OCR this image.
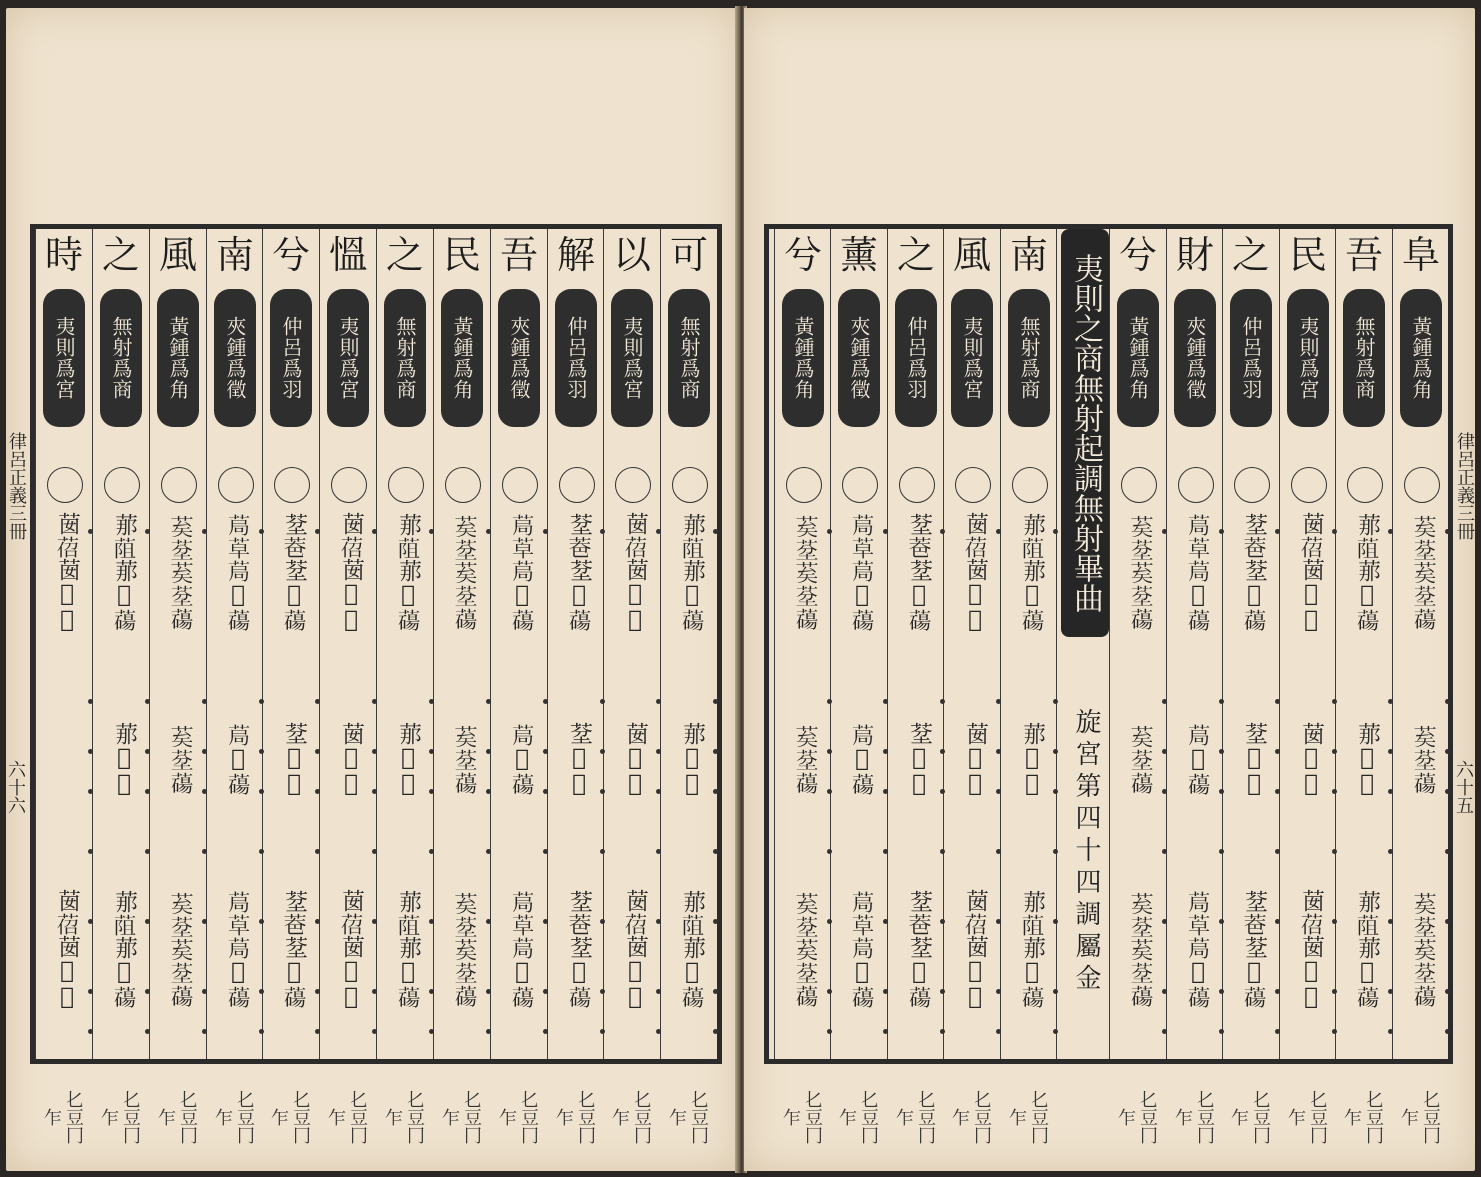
律呂正義三冊
六十六
律呂正義三冊
六十五
可
無射爲商
𦰡𦯓𦰡𦱈𦿆
𦰡𦱈𦿆
𦰡𦯓𦰡𦱈𦿆
𠤎豆冂乍
以
夷則爲宮
𦮗𦯐𦮗𦬒𦿰
𦮗𦬒𦿰
𦮗𦯐𦮗𦬒𦿰
𠤎豆冂乍
解
仲呂爲羽
𦯀𦮹𦯀𦱈𦿆
𦯀𦱈𦿆
𦯀𦮹𦯀𦱈𦿆
𠤎豆冂乍
吾
夾鍾爲徵
𦯃𦯑𦯃𦱈𦿆
𦯃𦱈𦿆
𦯃𦯑𦯃𦱈𦿆
𠤎豆冂乍
民
黃鍾爲角
𦮸𦯀𦮸𦯀𦿆
𦮸𦯀𦿆
𦮸𦯀𦮸𦯀𦿆
𠤎豆冂乍
之
無射爲商
𦰡𦯓𦰡𦱈𦿆
𦰡𦱈𦿆
𦰡𦯓𦰡𦱈𦿆
𠤎豆冂乍
慍
夷則爲宮
𦮗𦯐𦮗𦬒𦿰
𦮗𦬒𦿰
𦮗𦯐𦮗𦬒𦿰
𠤎豆冂乍
兮
仲呂爲羽
𦯀𦮹𦯀𦱈𦿆
𦯀𦱈𦿆
𦯀𦮹𦯀𦱈𦿆
𠤎豆冂乍
南
夾鍾爲徵
𦯃𦯑𦯃𦱈𦿆
𦯃𦱈𦿆
𦯃𦯑𦯃𦱈𦿆
𠤎豆冂乍
風
黃鍾爲角
𦮸𦯀𦮸𦯀𦿆
𦮸𦯀𦿆
𦮸𦯀𦮸𦯀𦿆
𠤎豆冂乍
之
無射爲商
𦰡𦯓𦰡𦱈𦿆
𦰡𦱈𦿆
𦰡𦯓𦰡𦱈𦿆
𠤎豆冂乍
時
夷則爲宮
𦮗𦯐𦮗𦬒𦿰
𦮗𦯐𦮗𦬒𦿰
𠤎豆冂乍
夷則之商無射起調無射畢曲
旋宮第四十四調屬金
阜
黃鍾爲角
𦮸𦯀𦮸𦯀𦿆
𦮸𦯀𦿆
𦮸𦯀𦮸𦯀𦿆
𠤎豆冂乍
吾
無射爲商
𦰡𦯓𦰡𦱈𦿆
𦰡𦱈𦿆
𦰡𦯓𦰡𦱈𦿆
𠤎豆冂乍
民
夷則爲宮
𦮗𦯐𦮗𦬒𦿰
𦮗𦬒𦿰
𦮗𦯐𦮗𦬒𦿰
𠤎豆冂乍
之
仲呂爲羽
𦯀𦮹𦯀𦱈𦿆
𦯀𦱈𦿆
𦯀𦮹𦯀𦱈𦿆
𠤎豆冂乍
財
夾鍾爲徵
𦯃𦯑𦯃𦱈𦿆
𦯃𦱈𦿆
𦯃𦯑𦯃𦱈𦿆
𠤎豆冂乍
兮
黃鍾爲角
𦮸𦯀𦮸𦯀𦿆
𦮸𦯀𦿆
𦮸𦯀𦮸𦯀𦿆
𠤎豆冂乍
南
無射爲商
𦰡𦯓𦰡𦱈𦿆
𦰡𦱈𦿆
𦰡𦯓𦰡𦱈𦿆
𠤎豆冂乍
風
夷則爲宮
𦮗𦯐𦮗𦬒𦿰
𦮗𦬒𦿰
𦮗𦯐𦮗𦬒𦿰
𠤎豆冂乍
之
仲呂爲羽
𦯀𦮹𦯀𦱈𦿆
𦯀𦱈𦿆
𦯀𦮹𦯀𦱈𦿆
𠤎豆冂乍
薰
夾鍾爲徵
𦯃𦯑𦯃𦱈𦿆
𦯃𦱈𦿆
𦯃𦯑𦯃𦱈𦿆
𠤎豆冂乍
兮
黃鍾爲角
𦮸𦯀𦮸𦯀𦿆
𦮸𦯀𦿆
𦮸𦯀𦮸𦯀𦿆
𠤎豆冂乍
